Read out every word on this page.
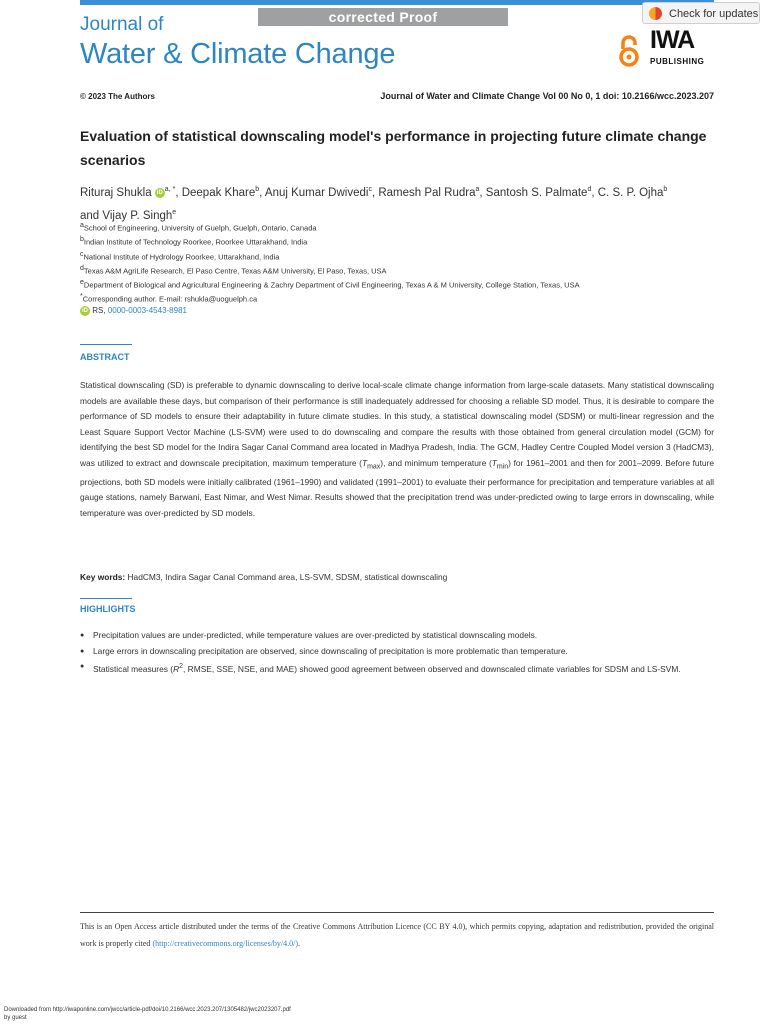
corrected Proof	Check for updates
Journal of
Water & Climate Change	IWA
PUBLISHING
© 2023 The Authors	Journal of Water and Climate Change Vol 00 No 0, 1 doi: 10.2166/wcc.2023.207
Evaluation of statistical downscaling model's performance in projecting future climate change scenarios
Rituraj Shukla iD $^{a, *}$, Deepak Khare$^b$, Anuj Kumar Dwivedi$^c$, Ramesh Pal Rudra$^a$, Santosh S. Palmate$^d$, C. S. P. Ojha$^b$
and Vijay P. Singh$^e$
$^a$School of Engineering, University of Guelph, Guelph, Ontario, Canada
$^b$Indian Institute of Technology Roorkee, Roorkee Uttarakhand, India
$^c$National Institute of Hydrology Roorkee, Uttarakhand, India
$^d$Texas A&M AgriLife Research, El Paso Centre, Texas A&M University, El Paso, Texas, USA
$^e$Department of Biological and Agricultural Engineering & Zachry Department of Civil Engineering, Texas A & M University, College Station, Texas, USA
*Corresponding author. E-mail: rshukla@uoguelph.ca
iD RS, 0000-0003-4543-8981
ABSTRACT
Statistical downscaling (SD) is preferable to dynamic downscaling to derive local-scale climate change information from large-scale datasets. Many statistical downscaling models are available these days, but comparison of their performance is still inadequately addressed for choosing a reliable SD model. Thus, it is desirable to compare the performance of SD models to ensure their adaptability in future climate studies. In this study, a statistical downscaling model (SDSM) or multi-linear regression and the Least Square Support Vector Machine (LS-SVM) were used to do downscaling and compare the results with those obtained from general circulation model (GCM) for identifying the best SD model for the Indira Sagar Canal Command area located in Madhya Pradesh, India. The GCM, Hadley Centre Coupled Model version 3 (HadCM3), was utilized to extract and downscale precipitation, maximum temperature $(T_{max})$, and minimum temperature $(T_{min})$ for 1961–2001 and then for 2001–2099. Before future projections, both SD models were initially calibrated (1961–1990) and validated (1991–2001) to evaluate their performance for precipitation and temperature variables at all gauge stations, namely Barwani, East Nimar, and West Nimar. Results showed that the precipitation trend was under-predicted owing to large errors in downscaling, while temperature was over-predicted by SD models.
Key words: HadCM3, Indira Sagar Canal Command area, LS-SVM, SDSM, statistical downscaling
HIGHLIGHTS
● Precipitation values are under-predicted, while temperature values are over-predicted by statistical downscaling models.
● Large errors in downscaling precipitation are observed, since downscaling of precipitation is more problematic than temperature.
● Statistical measures ($R^2$, RMSE, SSE, NSE, and MAE) showed good agreement between observed and downscaled climate variables for SDSM and LS-SVM.
This is an Open Access article distributed under the terms of the Creative Commons Attribution Licence (CC BY 4.0), which permits copying, adaptation and redistribution, provided the original work is properly cited (http://creativecommons.org/licenses/by/4.0/).
Downloaded from http://iwaponline.com/jwcc/article-pdf/doi/10.2166/wcc.2023.207/1305482/jwc2023207.pdf
by guest
